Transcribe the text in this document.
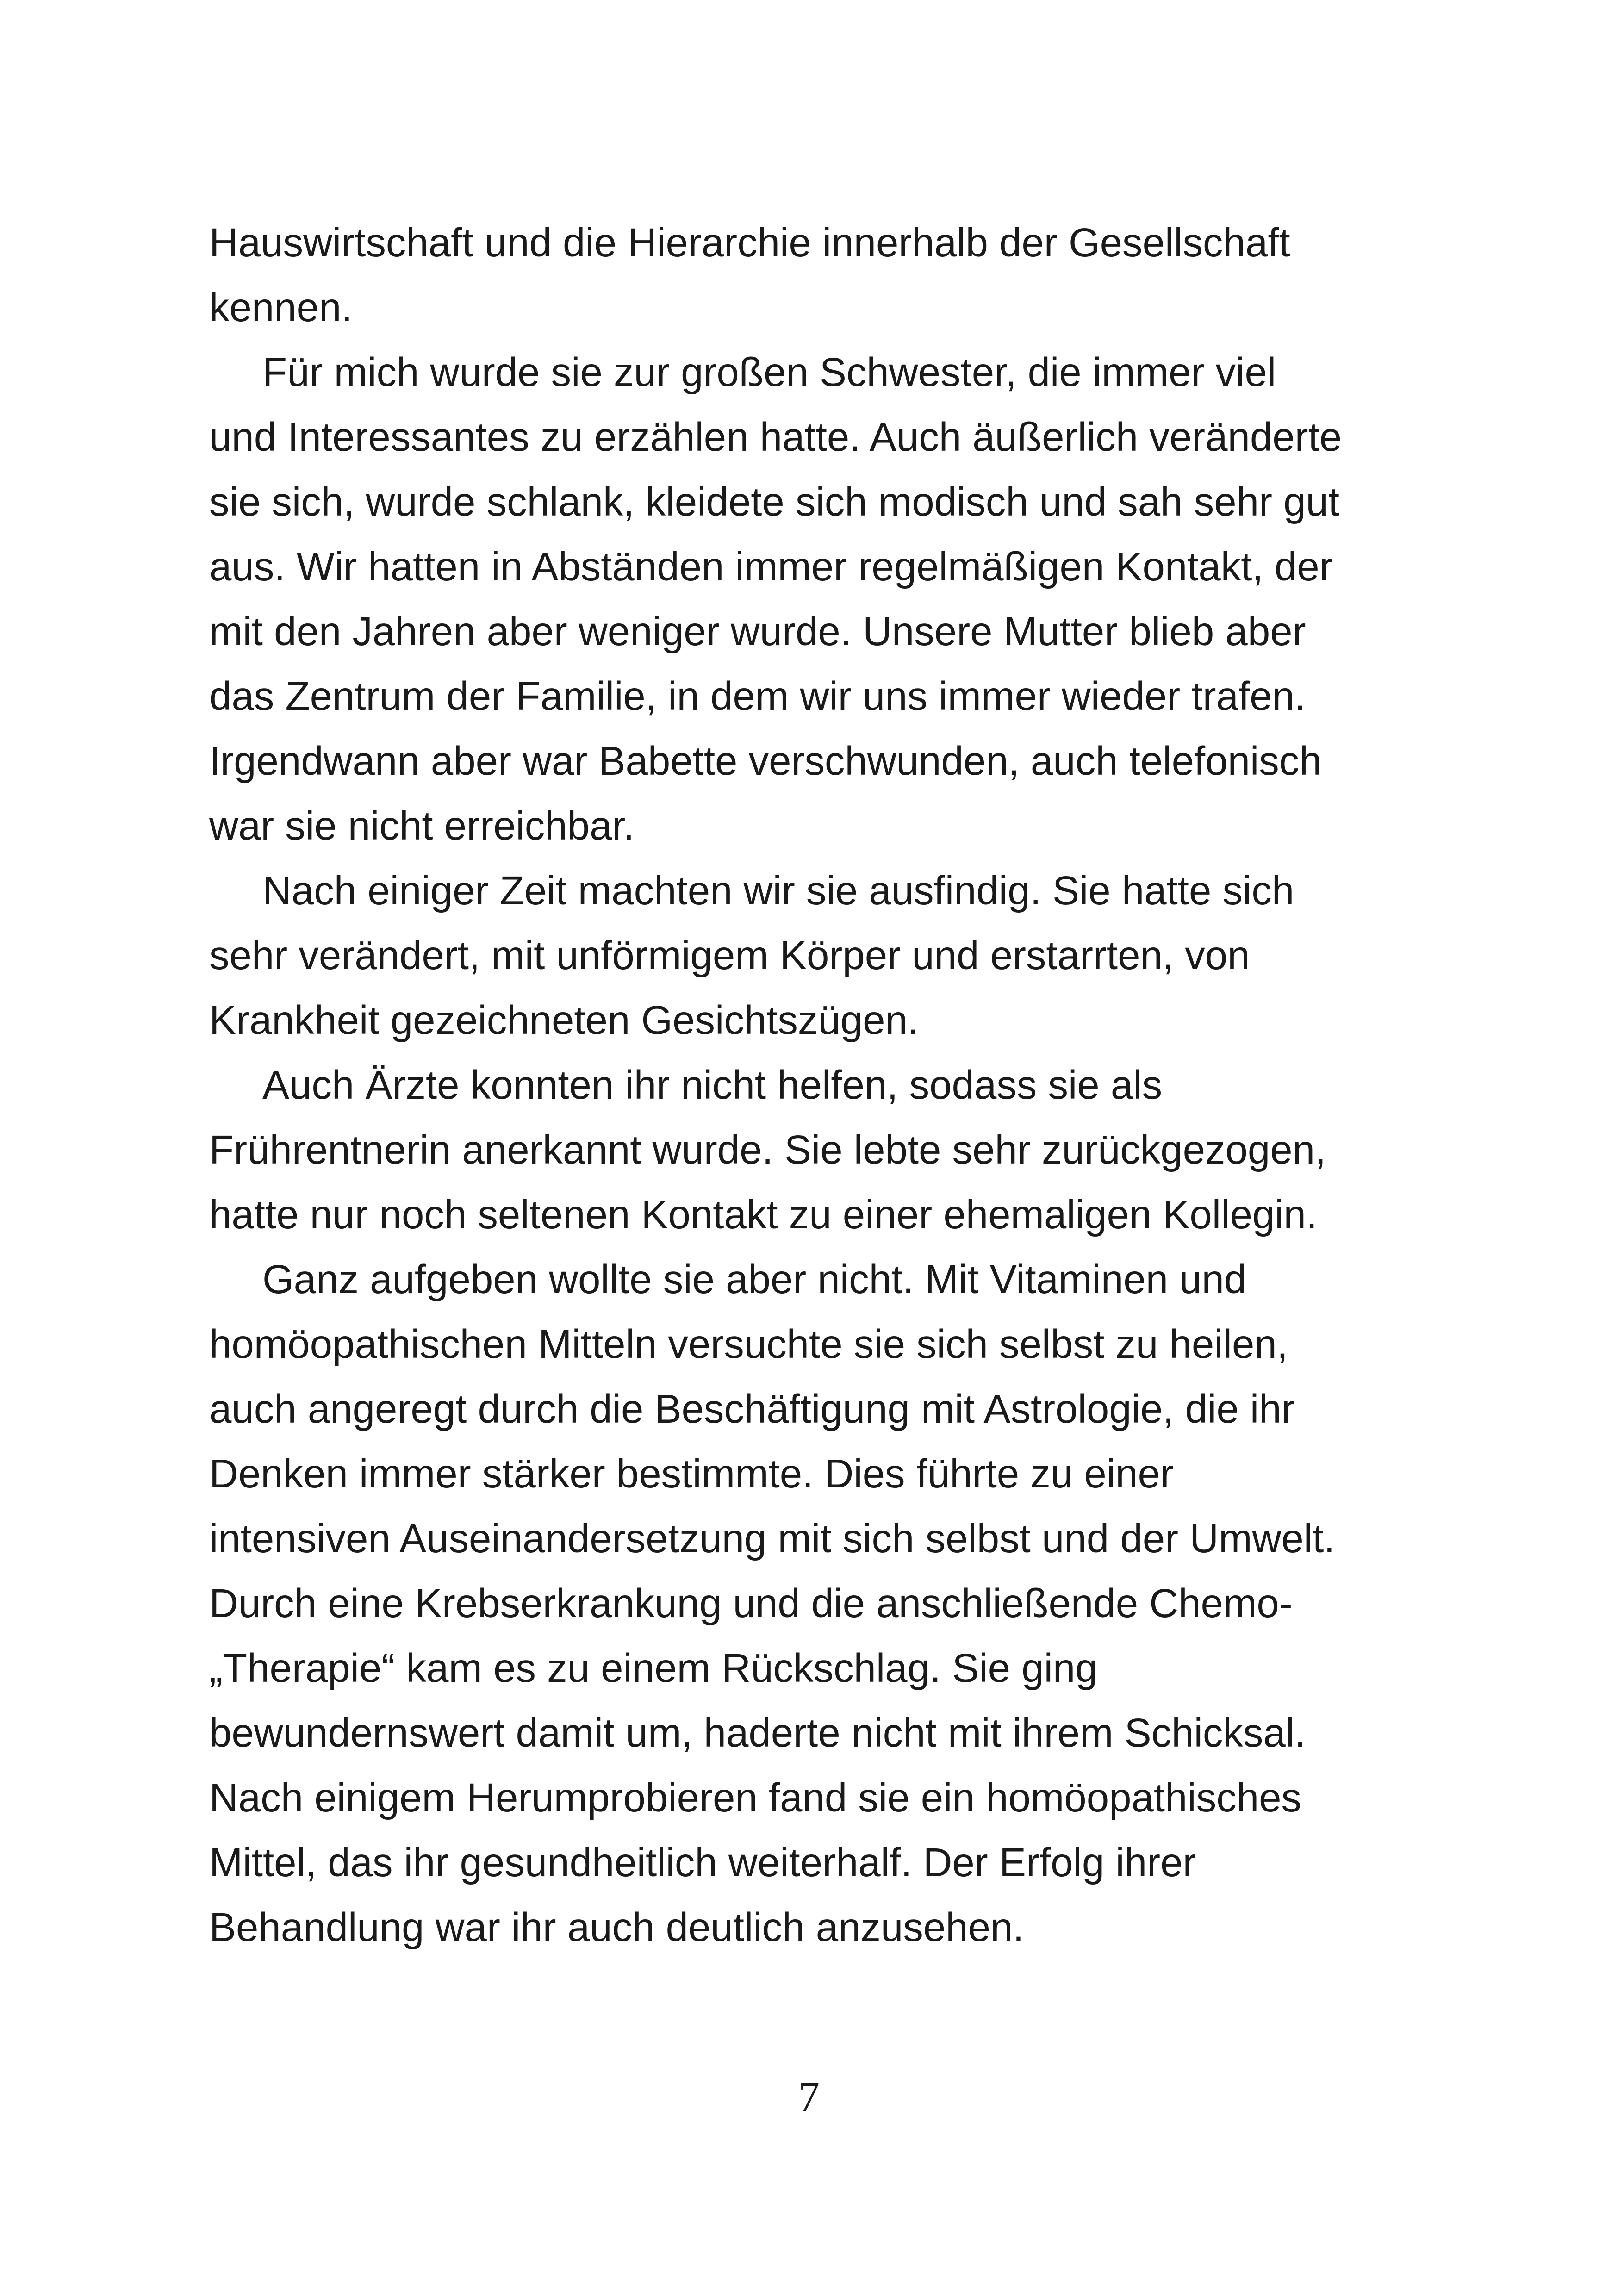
Hauswirtschaft und die Hierarchie innerhalb der Gesellschaft
kennen.
Für mich wurde sie zur großen Schwester, die immer viel
und Interessantes zu erzählen hatte. Auch äußerlich veränderte
sie sich, wurde schlank, kleidete sich modisch und sah sehr gut
aus. Wir hatten in Abständen immer regelmäßigen Kontakt, der
mit den Jahren aber weniger wurde. Unsere Mutter blieb aber
das Zentrum der Familie, in dem wir uns immer wieder trafen.
Irgendwann aber war Babette verschwunden, auch telefonisch
war sie nicht erreichbar.
Nach einiger Zeit machten wir sie ausfindig. Sie hatte sich
sehr verändert, mit unförmigem Körper und erstarrten, von
Krankheit gezeichneten Gesichtszügen.
Auch Ärzte konnten ihr nicht helfen, sodass sie als
Frührentnerin anerkannt wurde. Sie lebte sehr zurückgezogen,
hatte nur noch seltenen Kontakt zu einer ehemaligen Kollegin.
Ganz aufgeben wollte sie aber nicht. Mit Vitaminen und
homöopathischen Mitteln versuchte sie sich selbst zu heilen,
auch angeregt durch die Beschäftigung mit Astrologie, die ihr
Denken immer stärker bestimmte. Dies führte zu einer
intensiven Auseinandersetzung mit sich selbst und der Umwelt.
Durch eine Krebserkrankung und die anschließende Chemo-
„Therapie“ kam es zu einem Rückschlag. Sie ging
bewundernswert damit um, haderte nicht mit ihrem Schicksal.
Nach einigem Herumprobieren fand sie ein homöopathisches
Mittel, das ihr gesundheitlich weiterhalf. Der Erfolg ihrer
Behandlung war ihr auch deutlich anzusehen.
7
